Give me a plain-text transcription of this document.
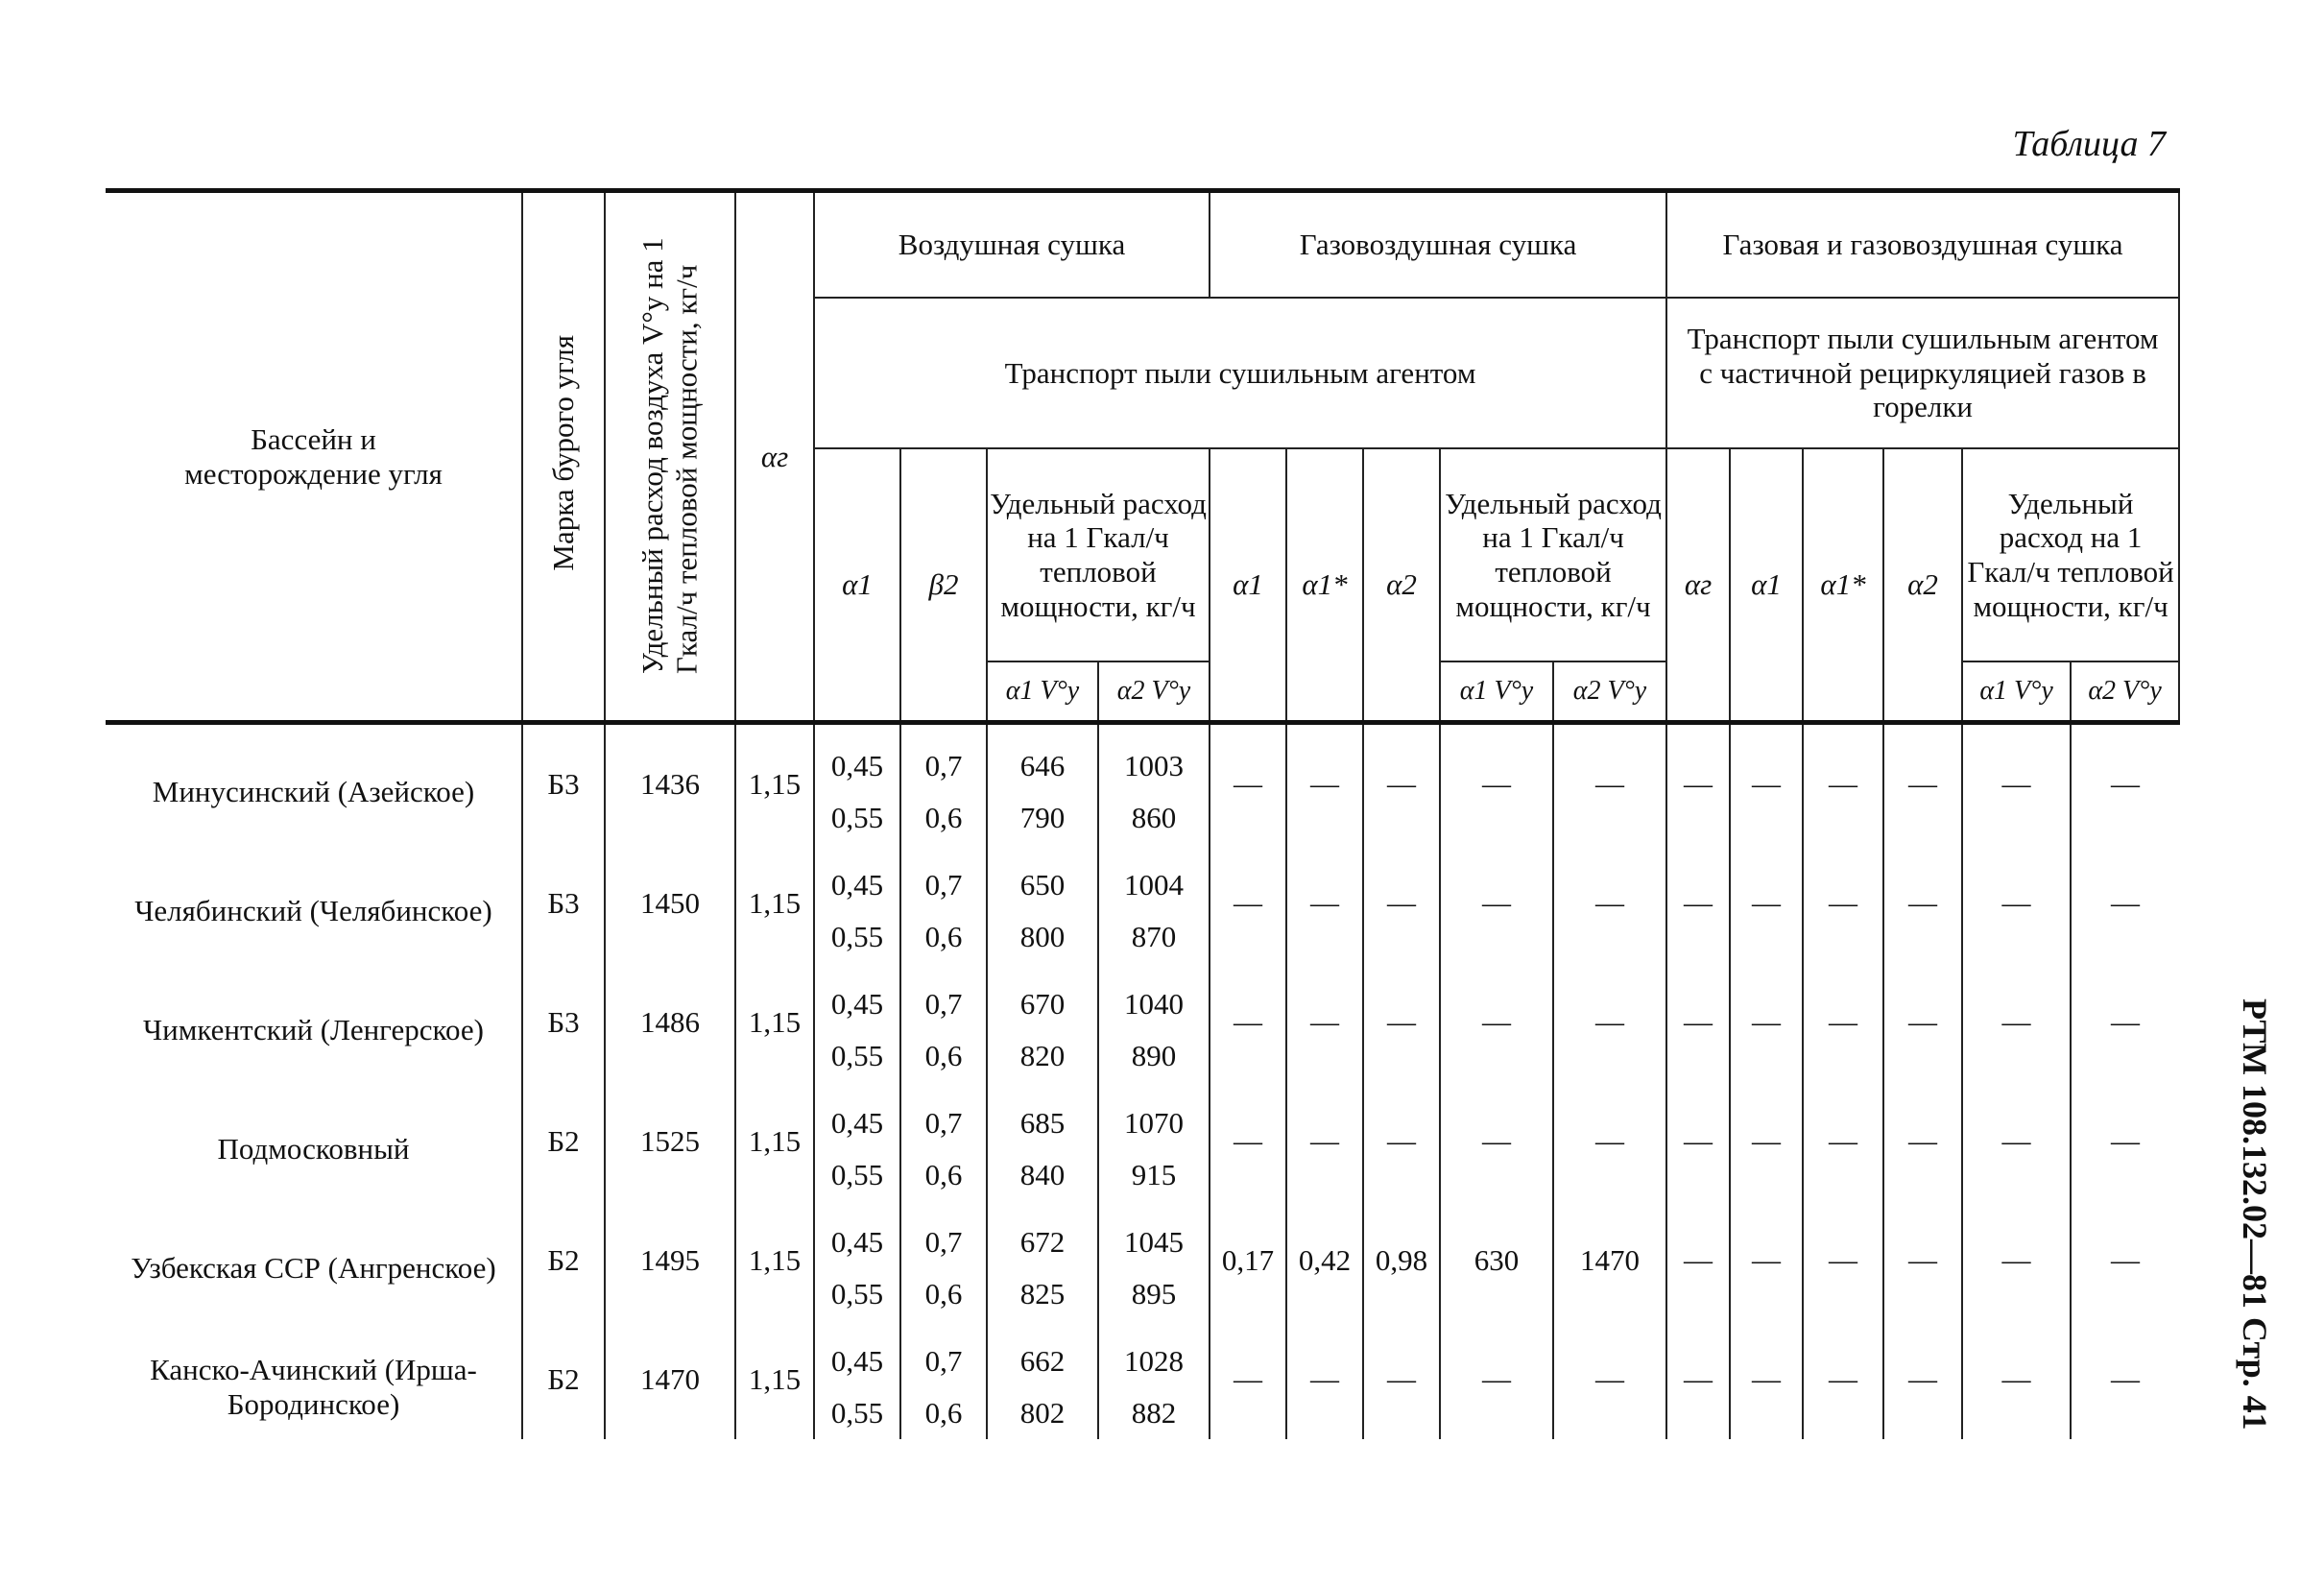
Таблица 7
РТМ 108.132.02—81 Стр. 41
Бассейн и месторождение угля	Марка бурого угля	Удельный расход воздуха V°у на 1 Гкал/ч тепловой мощности, кг/ч	αг	Воздушная сушка				Газовоздушная сушка					Газовая и газовоздушная сушка					
				Транспорт пыли сушильным агентом									Транспорт пыли сушильным агентом с частичной рециркуляцией газов в горелки					
				α1	β2	Удельный расход на 1 Гкал/ч тепловой мощности, кг/ч		α1	α1*	α2	Удельный расход на 1 Гкал/ч тепловой мощности, кг/ч		αг	α1	α1*	α2	Удельный расход на 1 Гкал/ч тепловой мощности, кг/ч	
						α1 V°у	α2 V°у				α1 V°у	α2 V°у					α1 V°у	α2 V°у
Минусинский (Азейское)	Б3	1436	1,15	0,45	0,7	646	1003	—	—	—	—	—	—	—	—	—	—	—
				0,55	0,6	790	860											
Челябинский (Челябинское)	Б3	1450	1,15	0,45	0,7	650	1004	—	—	—	—	—	—	—	—	—	—	—
				0,55	0,6	800	870											
Чимкентский (Ленгерское)	Б3	1486	1,15	0,45	0,7	670	1040	—	—	—	—	—	—	—	—	—	—	—
				0,55	0,6	820	890											
Подмосковный	Б2	1525	1,15	0,45	0,7	685	1070	—	—	—	—	—	—	—	—	—	—	—
				0,55	0,6	840	915											
Узбекская ССР (Ангренское)	Б2	1495	1,15	0,45	0,7	672	1045	0,17	0,42	0,98	630	1470	—	—	—	—	—	—
				0,55	0,6	825	895											
Канско-Ачинский (Ирша-Бородинское)	Б2	1470	1,15	0,45	0,7	662	1028	—	—	—	—	—	—	—	—	—	—	—
				0,55	0,6	802	882											
